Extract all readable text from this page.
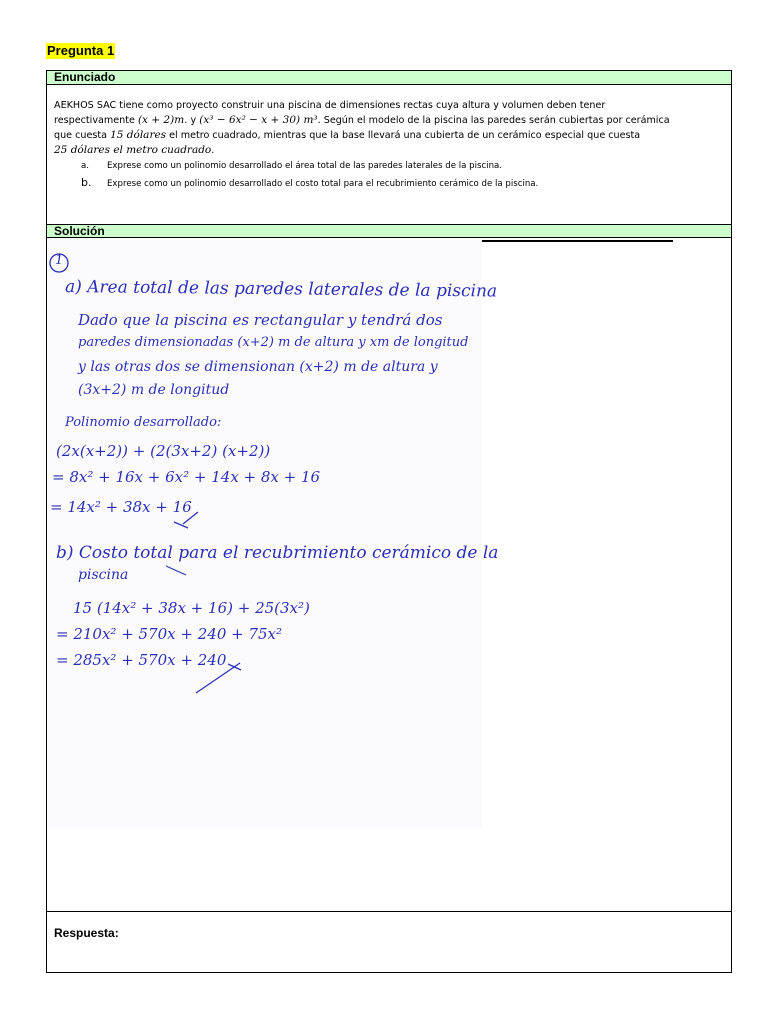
Pregunta 1
Enunciado
AEKHOS SAC tiene como proyecto construir una piscina de dimensiones rectas cuya altura y volumen deben tener
respectivamente (x + 2)m. y (x³ − 6x² − x + 30) m³. Según el modelo de la piscina las paredes serán cubiertas por cerámica
que cuesta 15 dólares el metro cuadrado, mientras que la base llevará una cubierta de un cerámico especial que cuesta
25 dólares el metro cuadrado.
a.	Exprese como un polinomio desarrollado el área total de las paredes laterales de la piscina.
b.	Exprese como un polinomio desarrollado el costo total para el recubrimiento cerámico de la piscina.
Solución
1
a) Area total de las paredes laterales de la piscina
Dado que la piscina es rectangular y tendrá dos
paredes dimensionadas (x+2) m de altura y xm de longitud
y las otras dos se dimensionan (x+2) m de altura y
(3x+2) m de longitud
Polinomio desarrollado:
(2x(x+2)) + (2(3x+2) (x+2))
= 8x² + 16x + 6x² + 14x + 8x + 16
= 14x² + 38x + 16
b) Costo total para el recubrimiento cerámico de la
piscina
15 (14x² + 38x + 16) + 25(3x²)
= 210x² + 570x + 240 + 75x²
= 285x² + 570x + 240
Respuesta:
